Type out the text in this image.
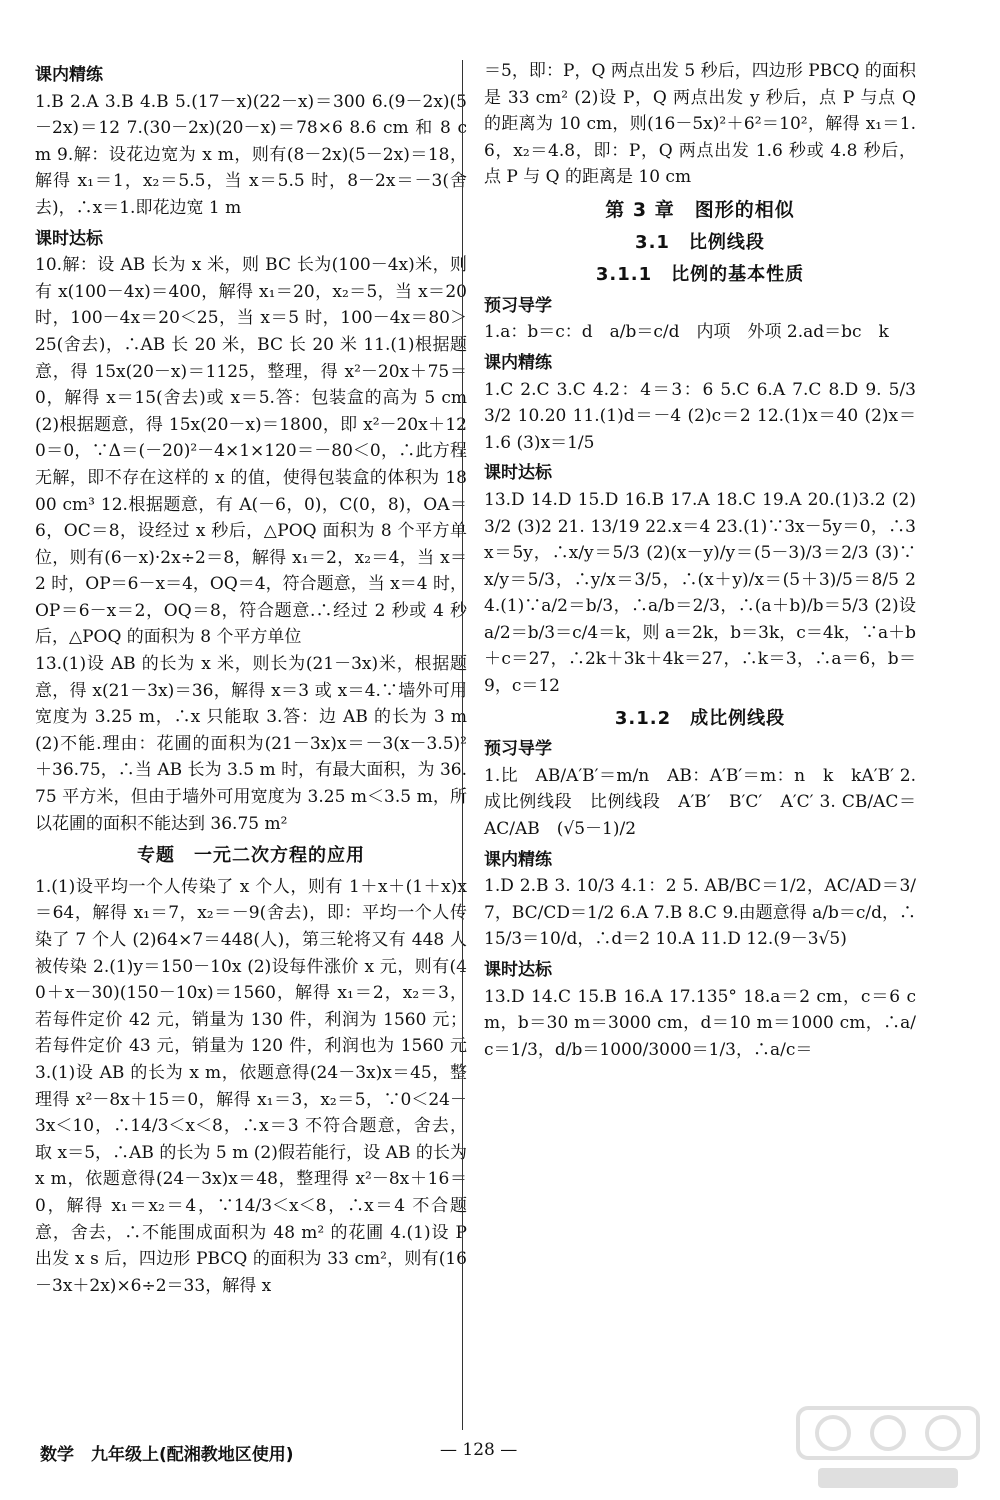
课内精练

1.B 2.A 3.B 4.B 5.(17－x)(22－x)＝300 6.(9－2x)(5－2x)＝12 7.(30－2x)(20－x)＝78×6 8.6 cm 和 8 cm 9.解：设花边宽为 x m，则有(8－2x)(5－2x)＝18，解得 x₁＝1，x₂＝5.5，当 x＝5.5 时，8－2x＝－3(舍去)，∴x＝1.即花边宽 1 m

课时达标

10.解：设 AB 长为 x 米，则 BC 长为(100－4x)米，则有 x(100－4x)＝400，解得 x₁＝20，x₂＝5，当 x＝20 时，100－4x＝20＜25，当 x＝5 时，100－4x＝80＞25(舍去)，∴AB 长 20 米，BC 长 20 米 11.(1)根据题意，得 15x(20－x)＝1125，整理，得 x²－20x＋75＝0，解得 x＝15(舍去)或 x＝5.答：包装盒的高为 5 cm (2)根据题意，得 15x(20－x)＝1800，即 x²－20x＋120＝0，∵Δ＝(－20)²－4×1×120＝－80＜0，∴此方程无解，即不存在这样的 x 的值，使得包装盒的体积为 1800 cm³ 12.根据题意，有 A(－6，0)，C(0，8)，OA＝6，OC＝8，设经过 x 秒后，△POQ 面积为 8 个平方单位，则有(6－x)·2x÷2＝8，解得 x₁＝2，x₂＝4，当 x＝2 时，OP＝6－x＝4，OQ＝4，符合题意，当 x＝4 时，OP＝6－x＝2，OQ＝8，符合题意.∴经过 2 秒或 4 秒后，△POQ 的面积为 8 个平方单位

13.(1)设 AB 的长为 x 米，则长为(21－3x)米，根据题意，得 x(21－3x)＝36，解得 x＝3 或 x＝4.∵墙外可用宽度为 3.25 m，∴x 只能取 3.答：边 AB 的长为 3 m (2)不能.理由：花圃的面积为(21－3x)x＝－3(x－3.5)²＋36.75，∴当 AB 长为 3.5 m 时，有最大面积，为 36.75 平方米，但由于墙外可用宽度为 3.25 m＜3.5 m，所以花圃的面积不能达到 36.75 m²

专题　一元二次方程的应用

1.(1)设平均一个人传染了 x 个人，则有 1＋x＋(1＋x)x＝64，解得 x₁＝7，x₂＝－9(舍去)，即：平均一个人传染了 7 个人 (2)64×7＝448(人)，第三轮将又有 448 人被传染 2.(1)y＝150－10x (2)设每件涨价 x 元，则有(40＋x－30)(150－10x)＝1560，解得 x₁＝2，x₂＝3，若每件定价 42 元，销量为 130 件，利润为 1560 元；若每件定价 43 元，销量为 120 件，利润也为 1560 元 3.(1)设 AB 的长为 x m，依题意得(24－3x)x＝45，整理得 x²－8x＋15＝0，解得 x₁＝3，x₂＝5，∵0＜24－3x＜10，∴14/3＜x＜8，∴x＝3 不符合题意，舍去，取 x＝5，∴AB 的长为 5 m (2)假若能行，设 AB 的长为 x m，依题意得(24－3x)x＝48，整理得 x²－8x＋16＝0，解得 x₁＝x₂＝4，∵14/3＜x＜8，∴x＝4 不合题意，舍去，∴不能围成面积为 48 m² 的花圃 4.(1)设 P 出发 x s 后，四边形 PBCQ 的面积为 33 cm²，则有(16－3x＋2x)×6÷2＝33，解得 x

＝5，即：P，Q 两点出发 5 秒后，四边形 PBCQ 的面积是 33 cm² (2)设 P，Q 两点出发 y 秒后，点 P 与点 Q 的距离为 10 cm，则(16－5x)²＋6²＝10²，解得 x₁＝1.6，x₂＝4.8，即：P，Q 两点出发 1.6 秒或 4.8 秒后，点 P 与 Q 的距离是 10 cm

第 3 章　图形的相似
3.1　比例线段
3.1.1　比例的基本性质
预习导学

1.a：b＝c：d　a/b＝c/d　内项　外项 2.ad＝bc　k

课内精练

1.C 2.C 3.C 4.2：4＝3：6 5.C 6.A 7.C 8.D 9. 5/3　3/2 10.20 11.(1)d＝－4 (2)c＝2 12.(1)x＝40 (2)x＝1.6 (3)x＝1/5

课时达标

13.D 14.D 15.D 16.B 17.A 18.C 19.A 20.(1)3.2 (2)3/2 (3)2 21. 13/19 22.x＝4 23.(1)∵3x－5y＝0，∴3x＝5y，∴x/y＝5/3 (2)(x－y)/y＝(5－3)/3＝2/3 (3)∵x/y＝5/3，∴y/x＝3/5，∴(x＋y)/x＝(5＋3)/5＝8/5 24.(1)∵a/2＝b/3，∴a/b＝2/3，∴(a＋b)/b＝5/3 (2)设 a/2＝b/3＝c/4＝k，则 a＝2k，b＝3k，c＝4k，∵a＋b＋c＝27，∴2k＋3k＋4k＝27，∴k＝3，∴a＝6，b＝9，c＝12

3.1.2　成比例线段
预习导学

1.比　AB/A′B′＝m/n　AB：A′B′＝m：n　k　kA′B′ 2.成比例线段　比例线段　A′B′　B′C′　A′C′ 3. CB/AC＝AC/AB　(√5－1)/2

课内精练

1.D 2.B 3. 10/3 4.1：2 5. AB/BC＝1/2，AC/AD＝3/7，BC/CD＝1/2 6.A 7.B 8.C 9.由题意得 a/b＝c/d，∴15/3＝10/d，∴d＝2 10.A 11.D 12.(9－3√5)

课时达标

13.D 14.C 15.B 16.A 17.135° 18.a＝2 cm，c＝6 cm，b＝30 m＝3000 cm，d＝10 m＝1000 cm，∴a/c＝1/3，d/b＝1000/3000＝1/3，∴a/c＝

数学　九年级上(配湘教地区使用)	— 128 —
